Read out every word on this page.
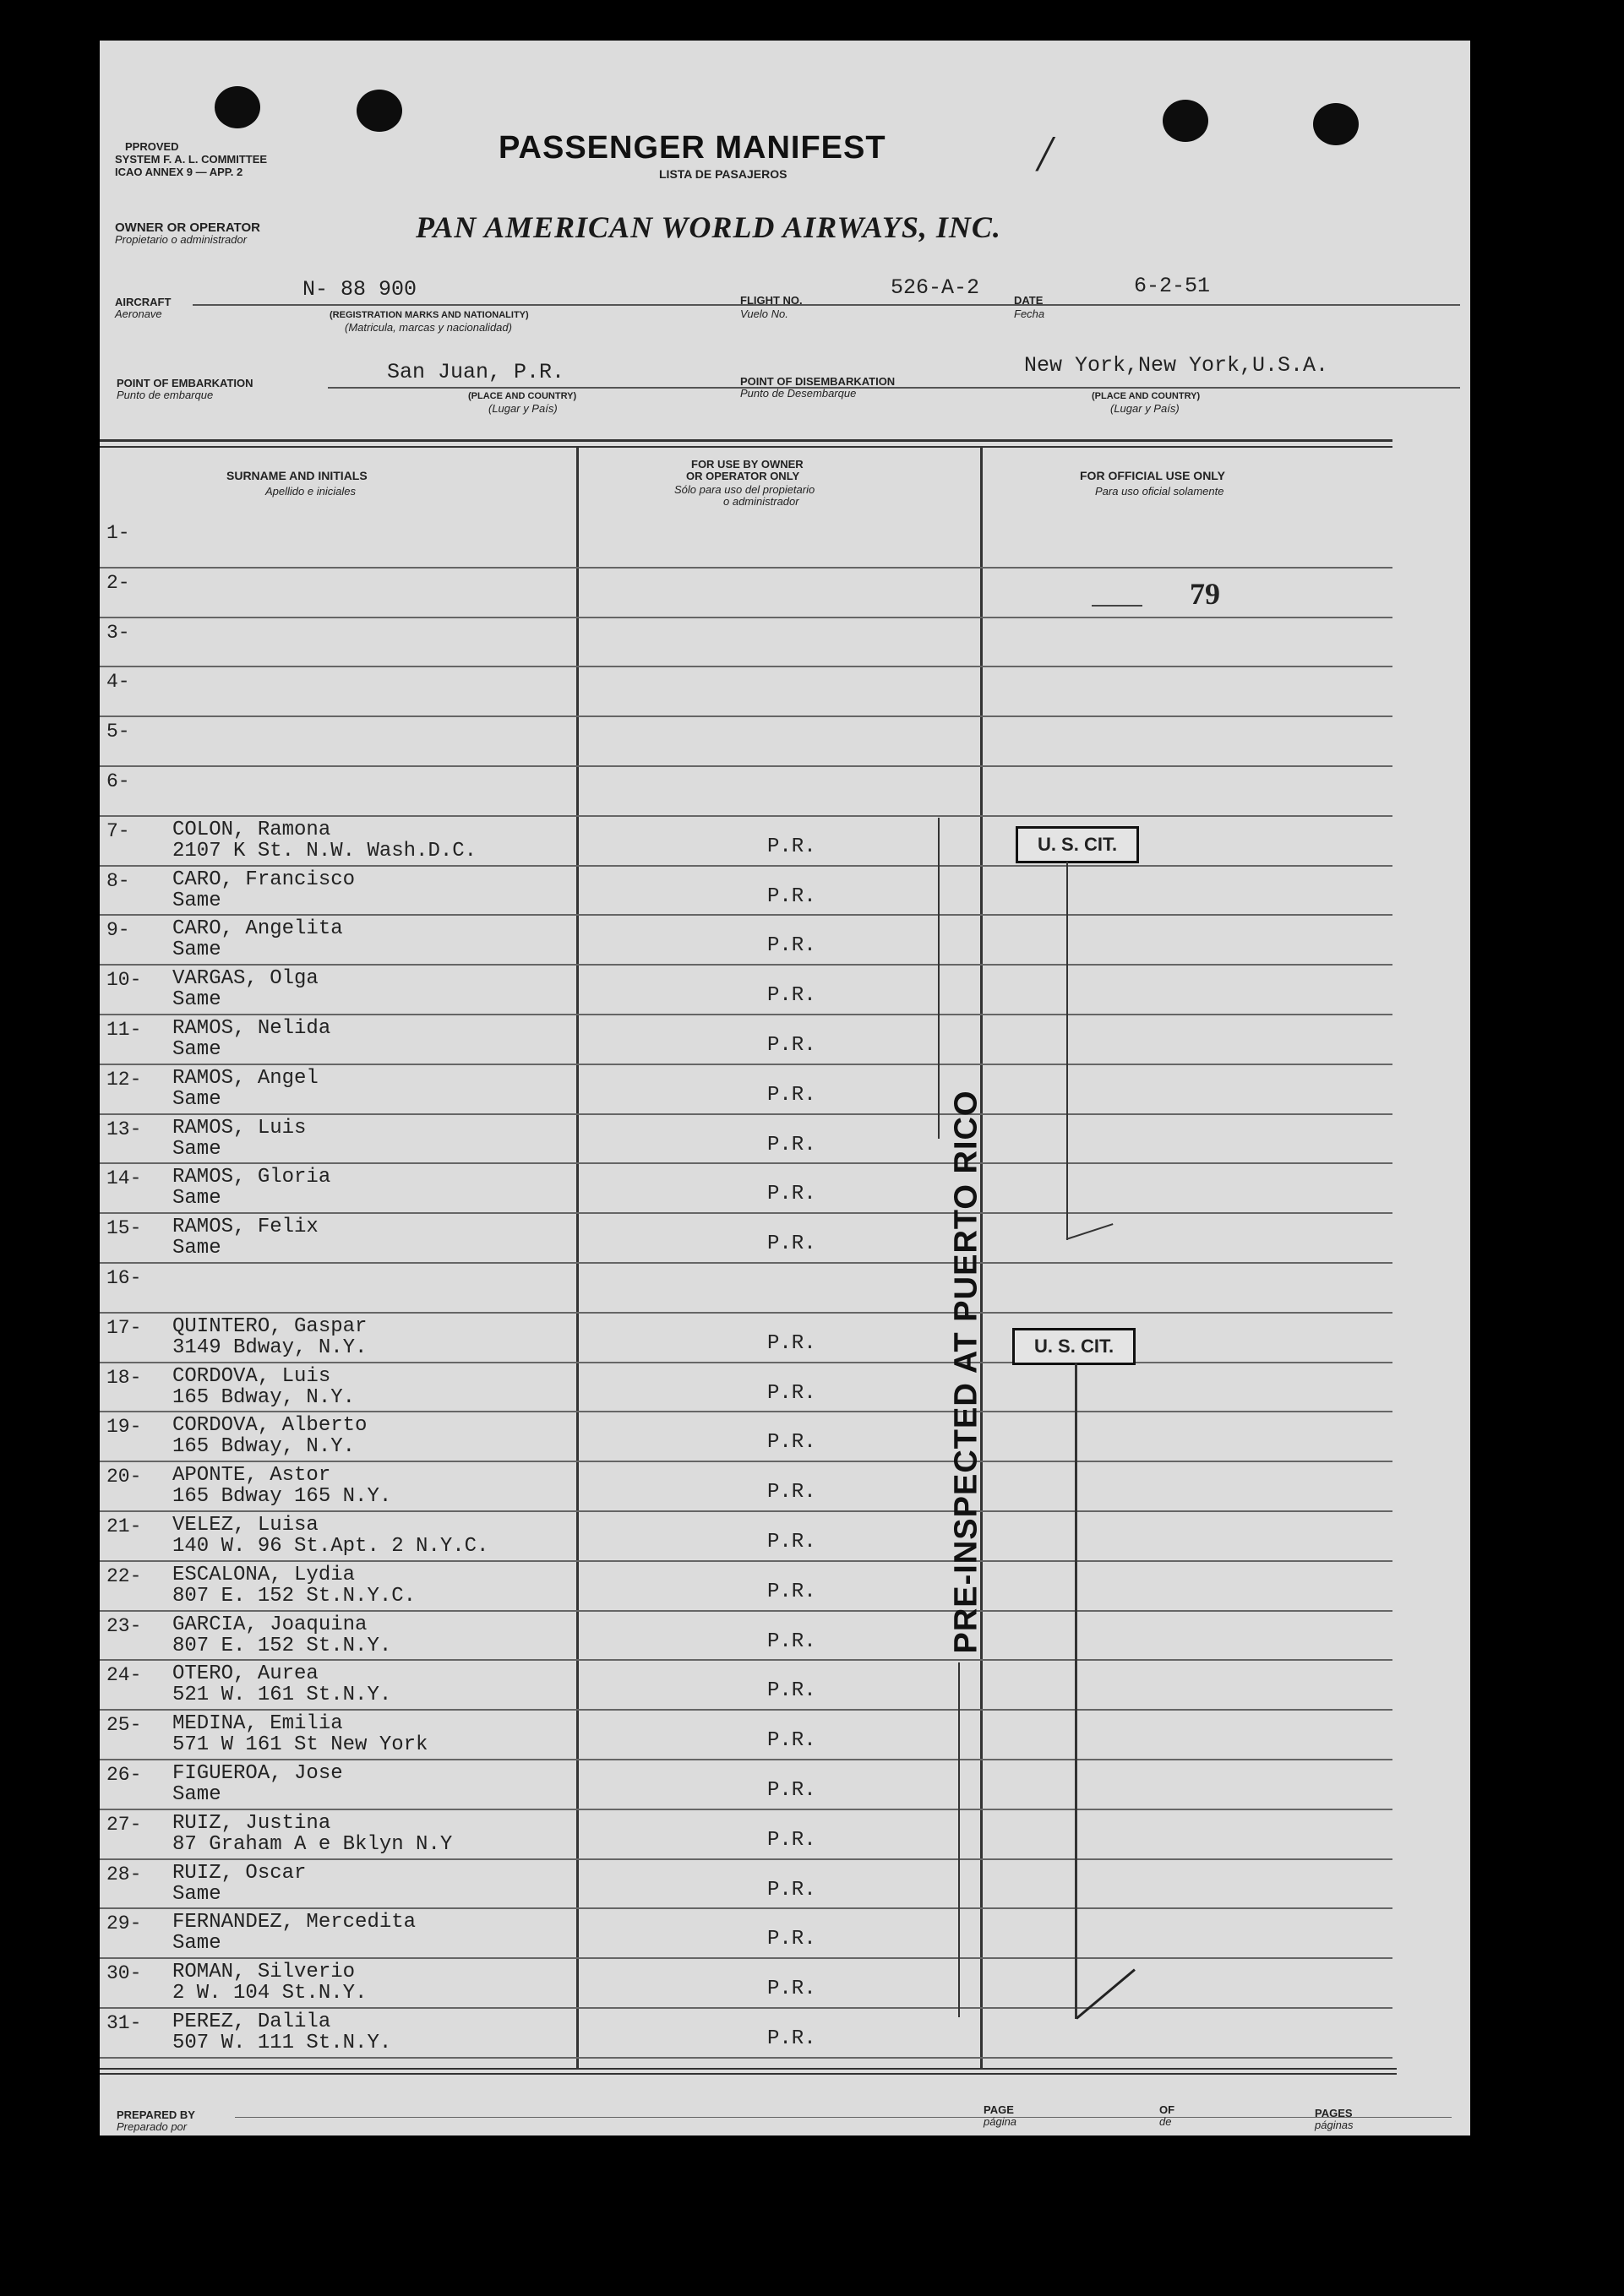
PPROVED
SYSTEM F. A. L. COMMITTEE
ICAO ANNEX 9 — APP. 2
PASSENGER MANIFEST
LISTA DE PASAJEROS	/
OWNER OR OPERATOR
Propietario o administrador	PAN AMERICAN WORLD AIRWAYS, INC.
AIRCRAFT
Aeronave
N- 88 900
(REGISTRATION MARKS AND NATIONALITY)
(Matricula, marcas y nacionalidad)
FLIGHT NO.
Vuelo No.
526-A-2
DATE
Fecha
6-2-51
POINT OF EMBARKATION
Punto de embarque
San Juan, P.R.
(PLACE AND COUNTRY)
(Lugar y País)
POINT OF DISEMBARKATION
Punto de Desembarque
New York,New York,U.S.A.
(PLACE AND COUNTRY)
(Lugar y País)
SURNAME AND INITIALS
Apellido e iniciales
FOR USE BY OWNER
OR OPERATOR ONLY
Sólo para uso del propietario
o administrador
FOR OFFICIAL USE ONLY
Para uso oficial solamente
1-
2-
3-
4-
5-
6-
7- COLON, Ramona
2107 K St. N.W. Wash.D.C.	P.R.
8- CARO, Francisco
Same	P.R.
9- CARO, Angelita
Same	P.R.
10- VARGAS, Olga
Same	P.R.
11- RAMOS, Nelida
Same	P.R.
12- RAMOS, Angel
Same	P.R.
13- RAMOS, Luis
Same	P.R.
14- RAMOS, Gloria
Same	P.R.
15- RAMOS, Felix
Same	P.R.
16-
17- QUINTERO, Gaspar
3149 Bdway, N.Y.	P.R.
18- CORDOVA, Luis
165 Bdway, N.Y.	P.R.
19- CORDOVA, Alberto
165 Bdway, N.Y.	P.R.
20- APONTE, Astor
165 Bdway 165 N.Y.	P.R.
21- VELEZ, Luisa
140 W. 96 St.Apt. 2 N.Y.C.	P.R.
22- ESCALONA, Lydia
807 E. 152 St.N.Y.C.	P.R.
23- GARCIA, Joaquina
807 E. 152 St.N.Y.	P.R.
24- OTERO, Aurea
521 W. 161 St.N.Y.	P.R.
25- MEDINA, Emilia
571 W 161 St New York	P.R.
26- FIGUEROA, Jose
Same	P.R.
27- RUIZ, Justina
87 Graham A e Bklyn N.Y	P.R.
28- RUIZ, Oscar
Same	P.R.
29- FERNANDEZ, Mercedita
Same	P.R.
30- ROMAN, Silverio
2 W. 104 St.N.Y.	P.R.
31- PEREZ, Dalila
507 W. 111 St.N.Y.	P.R.
79
U. S. CIT.
U. S. CIT.
PRE-INSPECTED AT PUERTO RICO
PREPARED BY
Preparado por
PAGE
página
OF
de
PAGES
páginas
